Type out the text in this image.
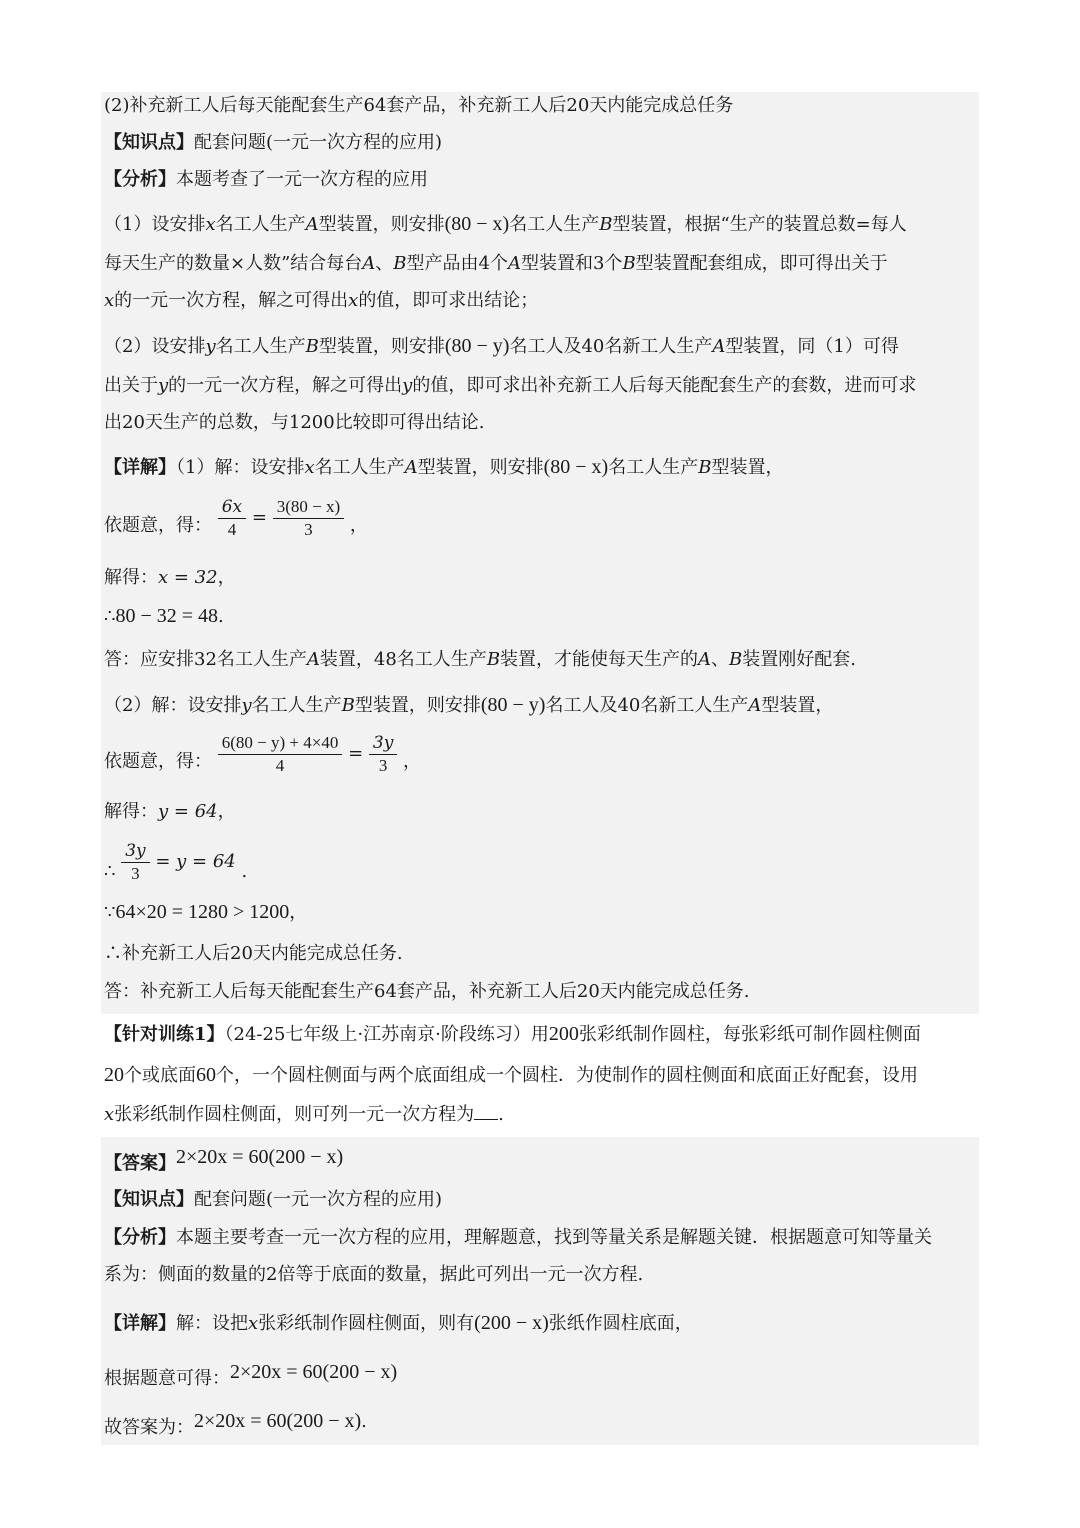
(2)补充新工人后每天能配套生产64套产品，补充新工人后20天内能完成总任务
【知识点】配套问题(一元一次方程的应用)
【分析】本题考查了一元一次方程的应用
（1）设安排x名工人生产A型装置，则安排(80 − x)名工人生产B型装置，根据“生产的装置总数=每人
每天生产的数量×人数”结合每台A、B型产品由4个A型装置和3个B型装置配套组成，即可得出关于
x的一元一次方程，解之可得出x的值，即可求出结论；
（2）设安排y名工人生产B型装置，则安排(80 − y)名工人及40名新工人生产A型装置，同（1）可得
出关于y的一元一次方程，解之可得出y的值，即可求出补充新工人后每天能配套生产的套数，进而可求
出20天生产的总数，与1200比较即可得出结论.
【详解】（1）解：设安排x名工人生产A型装置，则安排(80 − x)名工人生产B型装置，
依题意，得： $\frac{6x}{4} = \frac{3(80 - x)}{3}$ ，
解得：x = 32，
∴80 − 32 = 48.
答：应安排32名工人生产A装置，48名工人生产B装置，才能使每天生产的A、B装置刚好配套.
（2）解：设安排y名工人生产B型装置，则安排(80 − y)名工人及40名新工人生产A型装置，
依题意，得： $\frac{6(80 - y) + 4\times 40}{4} = \frac{3y}{3}$ ，
解得：y = 64，
∴ $\frac{3y}{3} = y = 64$ .
∵64×20 = 1280 > 1200，
∴补充新工人后20天内能完成总任务.
答：补充新工人后每天能配套生产64套产品，补充新工人后20天内能完成总任务.
【针对训练1】（24-25七年级上·江苏南京·阶段练习）用200张彩纸制作圆柱，每张彩纸可制作圆柱侧面
20个或底面60个，一个圆柱侧面与两个底面组成一个圆柱．为使制作的圆柱侧面和底面正好配套，设用
x张彩纸制作圆柱侧面，则可列一元一次方程为 .
【答案】2×20x = 60(200 − x)
【知识点】配套问题(一元一次方程的应用)
【分析】本题主要考查一元一次方程的应用，理解题意，找到等量关系是解题关键．根据题意可知等量关
系为：侧面的数量的2倍等于底面的数量，据此可列出一元一次方程.
【详解】解：设把x张彩纸制作圆柱侧面，则有(200 − x)张纸作圆柱底面，
根据题意可得：2×20x = 60(200 − x)
故答案为：2×20x = 60(200 − x).
